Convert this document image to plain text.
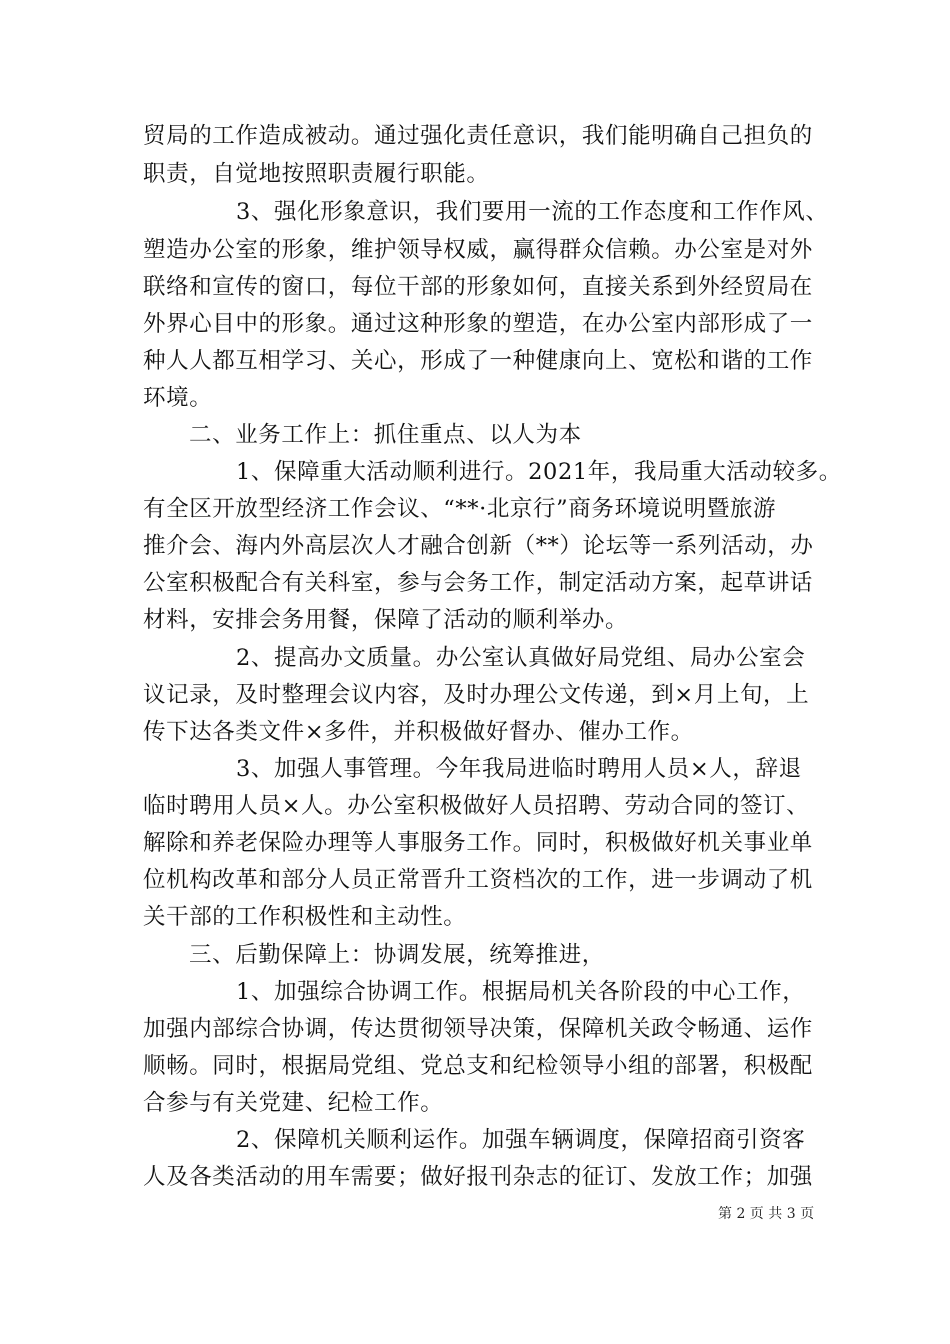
贸局的工作造成被动。通过强化责任意识，我们能明确自己担负的
职责，自觉地按照职责履行职能。
3、强化形象意识，我们要用一流的工作态度和工作作风、
塑造办公室的形象，维护领导权威，赢得群众信赖。办公室是对外
联络和宣传的窗口，每位干部的形象如何，直接关系到外经贸局在
外界心目中的形象。通过这种形象的塑造，在办公室内部形成了一
种人人都互相学习、关心，形成了一种健康向上、宽松和谐的工作
环境。
二、业务工作上：抓住重点、以人为本
1、保障重大活动顺利进行。2021年，我局重大活动较多。
有全区开放型经济工作会议、“**·北京行”商务环境说明暨旅游
推介会、海内外高层次人才融合创新（**）论坛等一系列活动，办
公室积极配合有关科室，参与会务工作，制定活动方案，起草讲话
材料，安排会务用餐，保障了活动的顺利举办。
2、提高办文质量。办公室认真做好局党组、局办公室会
议记录，及时整理会议内容，及时办理公文传递，到×月上旬，上
传下达各类文件×多件，并积极做好督办、催办工作。
3、加强人事管理。今年我局进临时聘用人员×人，辞退
临时聘用人员×人。办公室积极做好人员招聘、劳动合同的签订、
解除和养老保险办理等人事服务工作。同时，积极做好机关事业单
位机构改革和部分人员正常晋升工资档次的工作，进一步调动了机
关干部的工作积极性和主动性。
三、后勤保障上：协调发展，统筹推进，
1、加强综合协调工作。根据局机关各阶段的中心工作，
加强内部综合协调，传达贯彻领导决策，保障机关政令畅通、运作
顺畅。同时，根据局党组、党总支和纪检领导小组的部署，积极配
合参与有关党建、纪检工作。
2、保障机关顺利运作。加强车辆调度，保障招商引资客
人及各类活动的用车需要；做好报刊杂志的征订、发放工作；加强
第 2 页 共 3 页
